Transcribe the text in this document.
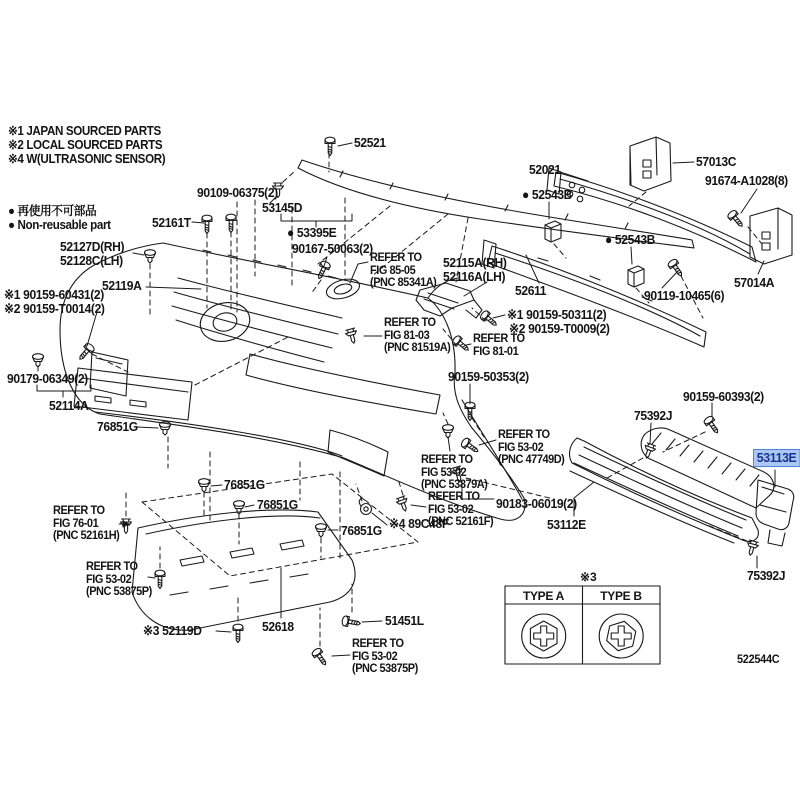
※1 JAPAN SOURCED PARTS
※2 LOCAL SOURCED PARTS
※4 W(ULTRASONIC SENSOR)
● 再使用不可部品
● Non-reusable part
52521
90109-06375(2)
53145D
● 53395E
90167-50063(2)
52161T
52127D(RH)
52128C(LH)
52119A
※1 90159-60431(2)
※2 90159-T0014(2)
90179-06349(2)
52114A
76851G
52021
57013C
91674-A1028(8)
● 52543B
● 52543B
52611	90119-10465(6)
57014A
52115A(RH)
52116A(LH)
REFER TO
FIG 85-05
(PNC 85341A)
REFER TO
FIG 81-03
(PNC 81519A)
※1 90159-50311(2)
※2 90159-T0009(2)
REFER TO
FIG 81-01
90159-50353(2)
90159-60393(2)
75392J
53113E
REFER TO
FIG 53-02
(PNC 47749D)
REFER TO
FIG 53-02
(PNC 53879A)
REFER TO
FIG 53-02
(PNC 52161F)
90183-06019(2)
53112E
※4 89C48F
75392J
76851G
76851G
76851G
REFER TO
FIG 76-01
(PNC 52161H)
REFER TO
FIG 53-02
(PNC 53875P)
※3 52119D	52618	51451L
REFER TO
FIG 53-02
(PNC 53875P)
※3
TYPE A	TYPE B
522544C
